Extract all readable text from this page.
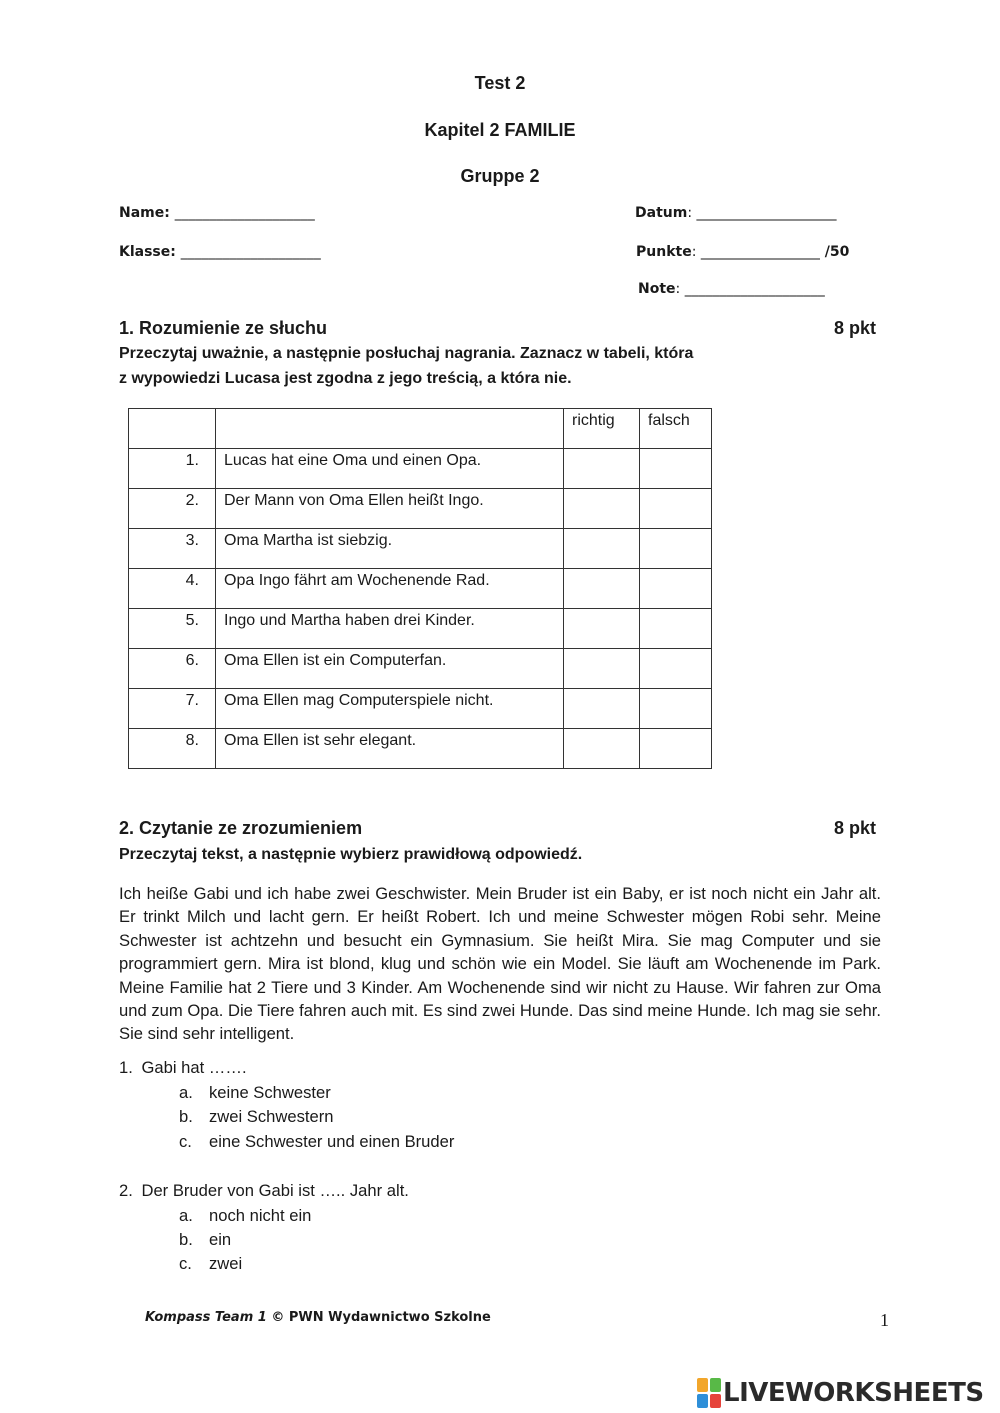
Test 2
Kapitel 2 FAMILIE
Gruppe 2
Name: ____________________
Klasse: ____________________
Datum: ____________________
Punkte: _________________ /50
Note: ____________________
1. Rozumienie ze słuchu	8 pkt
Przeczytaj uważnie, a następnie posłuchaj nagrania. Zaznacz w tabeli, która
z wypowiedzi Lucasa jest zgodna z jego treścią, a która nie.
		richtig	falsch
1.	Lucas hat eine Oma und einen Opa.		
2.	Der Mann von Oma Ellen heißt Ingo.		
3.	Oma Martha ist siebzig.		
4.	Opa Ingo fährt am Wochenende Rad.		
5.	Ingo und Martha haben drei Kinder.		
6.	Oma Ellen ist ein Computerfan.		
7.	Oma Ellen mag Computerspiele nicht.		
8.	Oma Ellen ist sehr elegant.		
2. Czytanie ze zrozumieniem	8 pkt
Przeczytaj tekst, a następnie wybierz prawidłową odpowiedź.
Ich heiße Gabi und ich habe zwei Geschwister. Mein Bruder ist ein Baby, er ist noch nicht ein Jahr alt. Er trinkt Milch und lacht gern. Er heißt Robert. Ich und meine Schwester mögen Robi sehr. Meine Schwester ist achtzehn und besucht ein Gymnasium. Sie heißt Mira. Sie mag Computer und sie programmiert gern. Mira ist blond, klug und schön wie ein Model. Sie läuft am Wochenende im Park. Meine Familie hat 2 Tiere und 3 Kinder. Am Wochenende sind wir nicht zu Hause. Wir fahren zur Oma und zum Opa. Die Tiere fahren auch mit. Es sind zwei Hunde. Das sind meine Hunde. Ich mag sie sehr. Sie sind sehr intelligent.
1. Gabi hat …….
a. keine Schwester
b. zwei Schwestern
c. eine Schwester und einen Bruder
2. Der Bruder von Gabi ist ….. Jahr alt.
a. noch nicht ein
b. ein
c. zwei
Kompass Team 1 © PWN Wydawnictwo Szkolne	1
LIVEWORKSHEETS
